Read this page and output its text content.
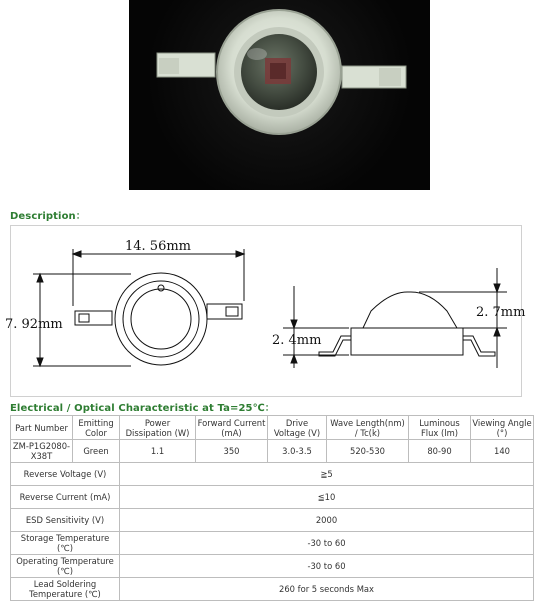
Description：
14. 56mm
7. 92mm
2. 4mm
2. 7mm
Electrical / Optical Characteristic at Ta=25℃：
Part Number	Emitting Color	Power Dissipation (W)	Forward Current (mA)	Drive Voltage (V)	Wave Length(nm) / Tc(k)	Luminous Flux (lm)	Viewing Angle (°)
ZM-P1G2080-X38T	Green	1.1	350	3.0-3.5	520-530	80-90	140
Reverse Voltage (V)		≧5					
Reverse Current (mA)		≦10					
ESD Sensitivity (V)		2000					
Storage Temperature (℃)		-30 to 60					
Operating Temperature (℃)		-30 to 60					
Lead Soldering Temperature (℃)		260 for 5 seconds Max					
